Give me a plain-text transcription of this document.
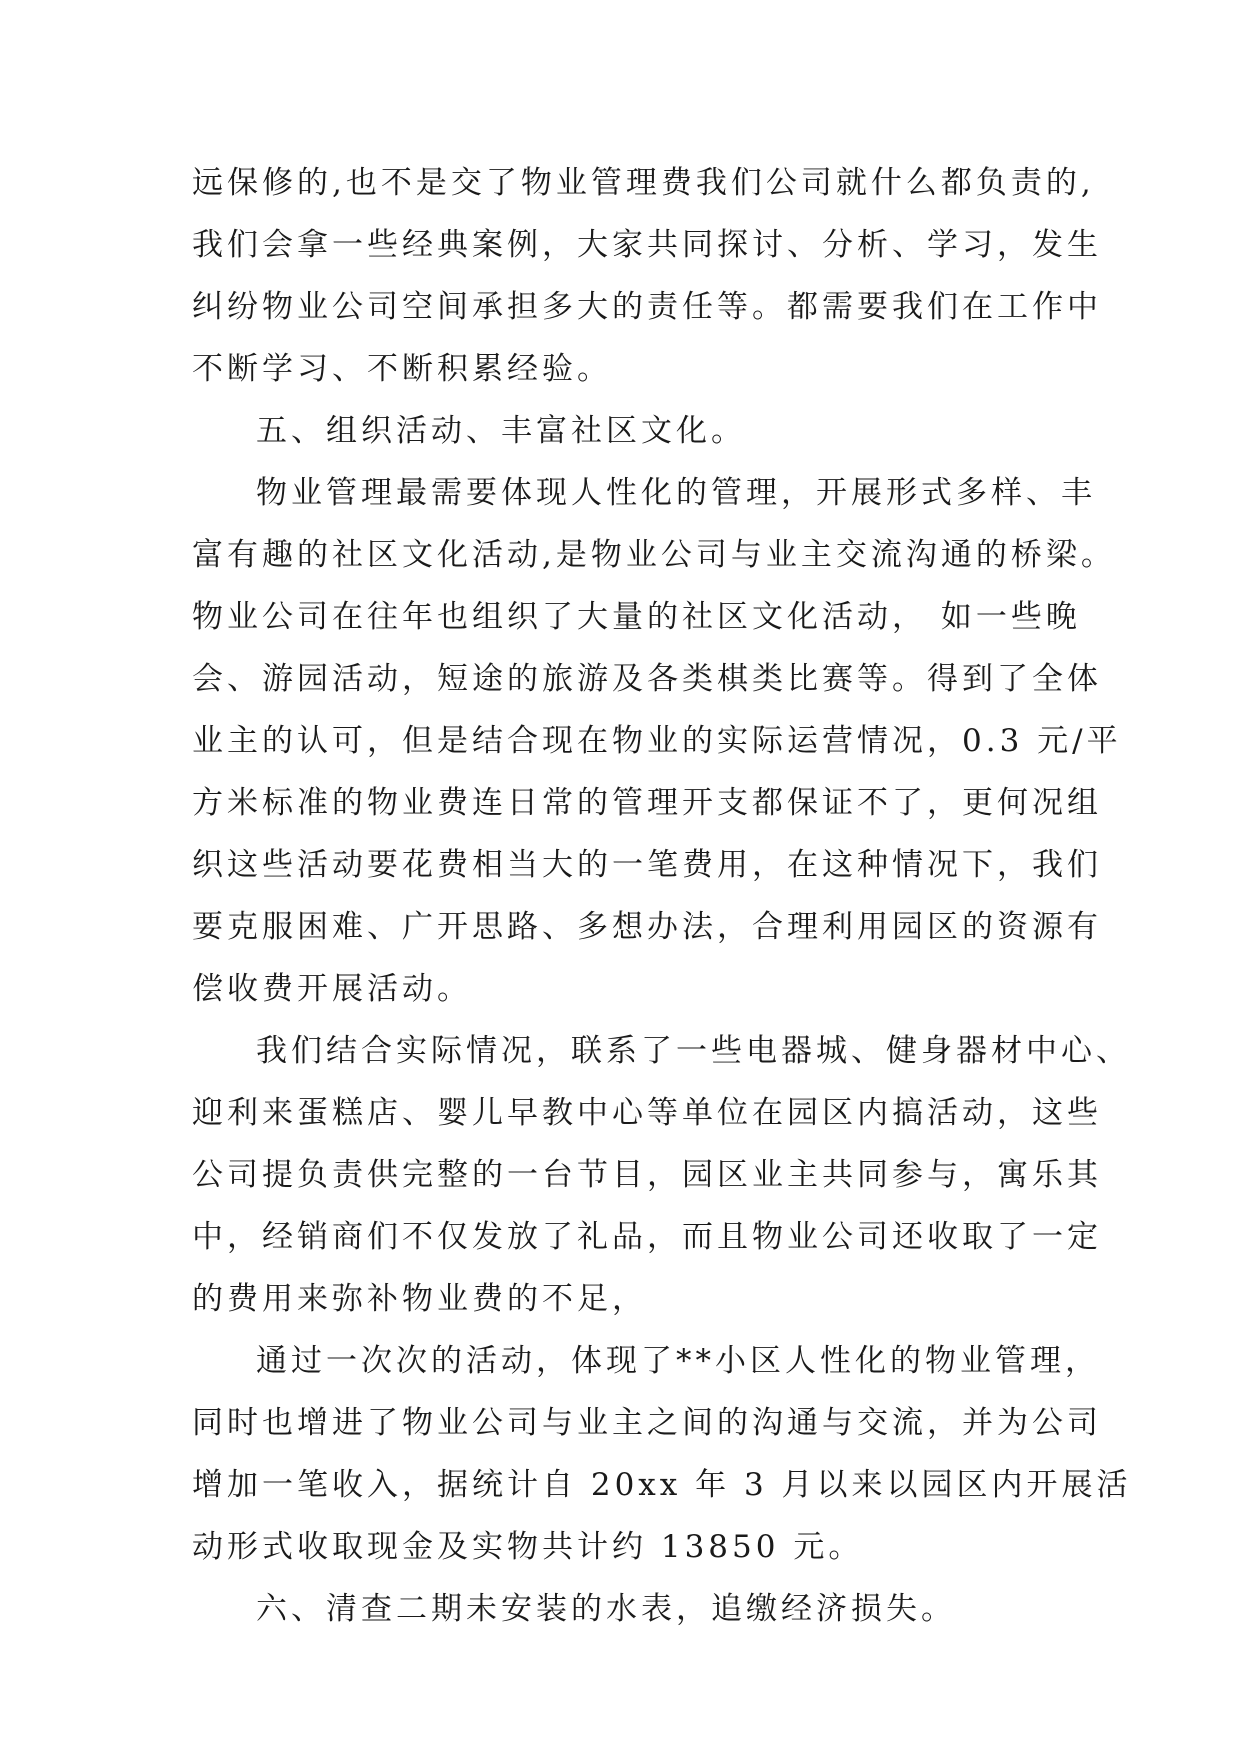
远保修的,也不是交了物业管理费我们公司就什么都负责的,
我们会拿一些经典案例，大家共同探讨、分析、学习，发生
纠纷物业公司空间承担多大的责任等。都需要我们在工作中
不断学习、不断积累经验。
五、组织活动、丰富社区文化。
物业管理最需要体现人性化的管理，开展形式多样、丰
富有趣的社区文化活动,是物业公司与业主交流沟通的桥梁。
物业公司在往年也组织了大量的社区文化活动， 如一些晚
会、游园活动，短途的旅游及各类棋类比赛等。得到了全体
业主的认可，但是结合现在物业的实际运营情况，0.3 元/平
方米标准的物业费连日常的管理开支都保证不了，更何况组
织这些活动要花费相当大的一笔费用，在这种情况下，我们
要克服困难、广开思路、多想办法，合理利用园区的资源有
偿收费开展活动。
我们结合实际情况，联系了一些电器城、健身器材中心、
迎利来蛋糕店、婴儿早教中心等单位在园区内搞活动，这些
公司提负责供完整的一台节目，园区业主共同参与，寓乐其
中，经销商们不仅发放了礼品，而且物业公司还收取了一定
的费用来弥补物业费的不足，
通过一次次的活动，体现了**小区人性化的物业管理，
同时也增进了物业公司与业主之间的沟通与交流，并为公司
增加一笔收入，据统计自 20xx 年 3 月以来以园区内开展活
动形式收取现金及实物共计约 13850 元。
六、清查二期未安装的水表，追缴经济损失。
